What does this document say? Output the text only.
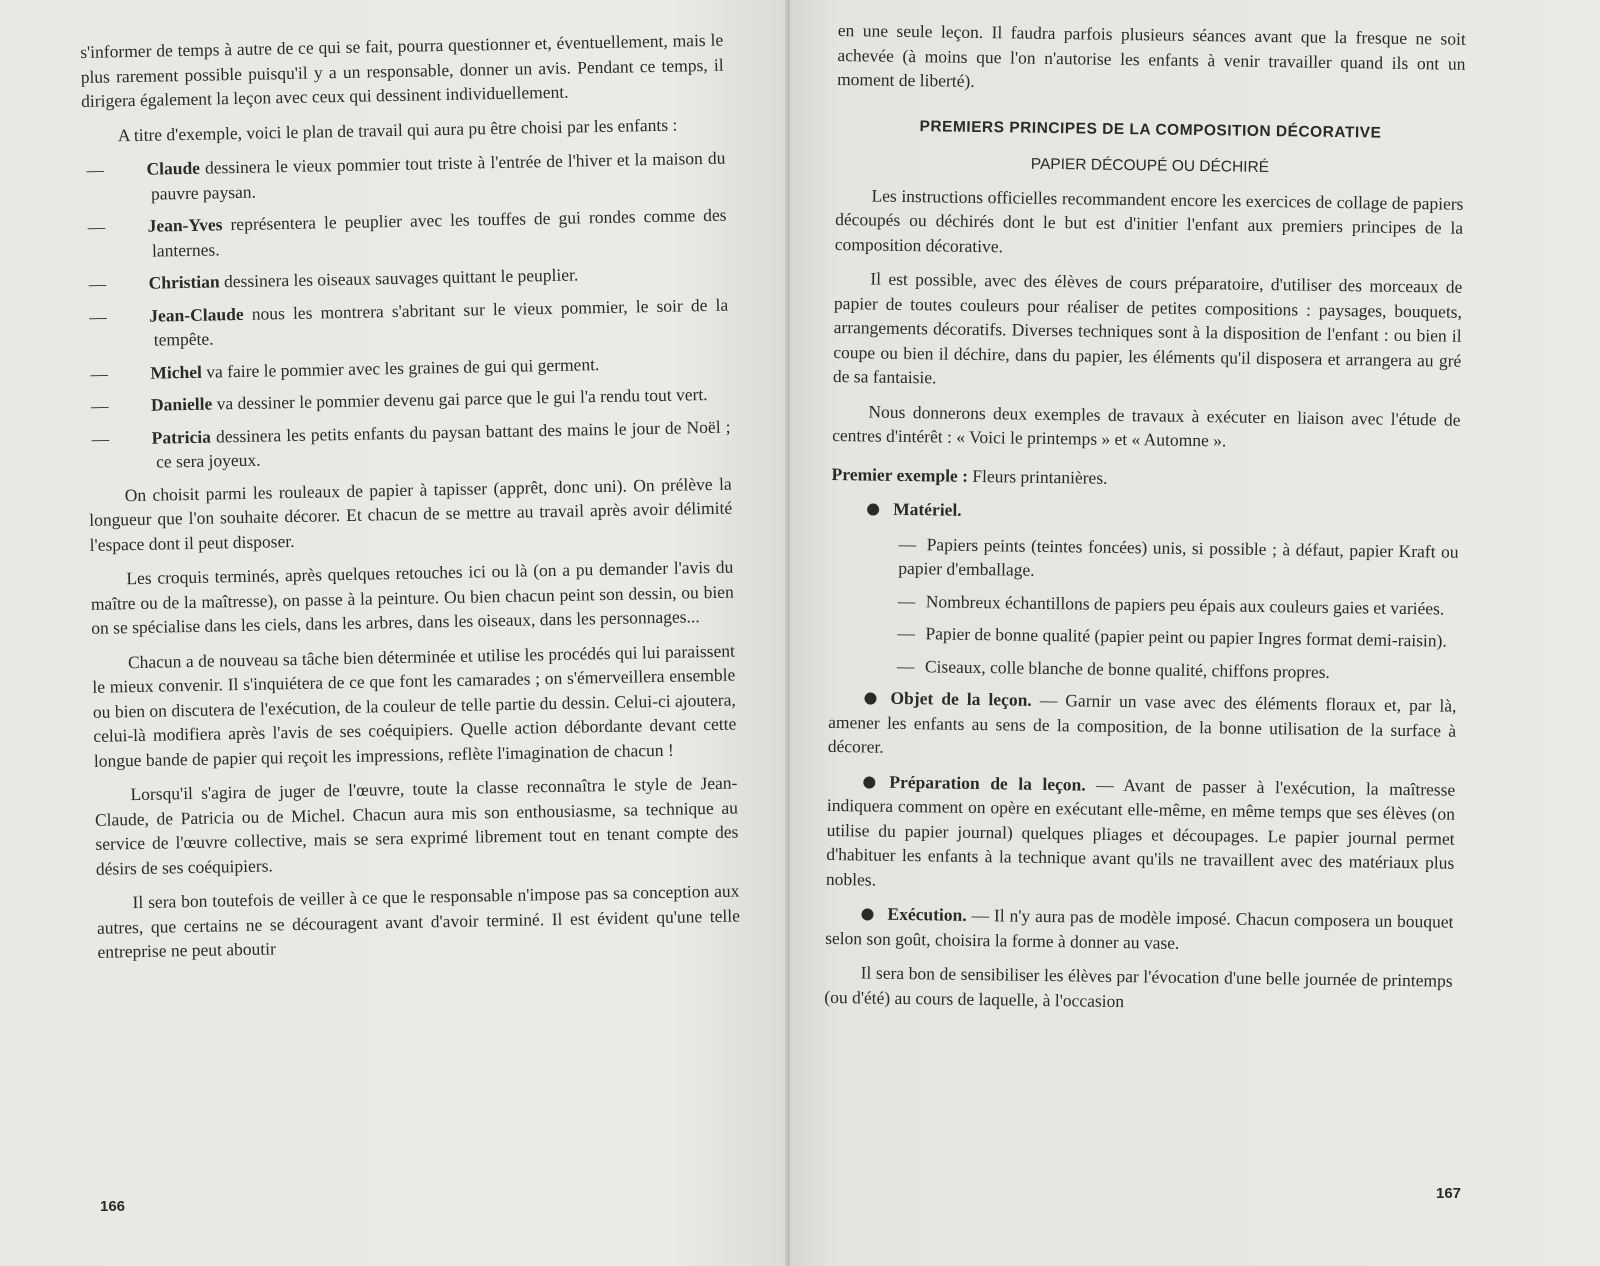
s'informer de temps à autre de ce qui se fait, pourra questionner et, éventuellement, mais le plus rarement possible puisqu'il y a un responsable, donner un avis. Pendant ce temps, il dirigera également la leçon avec ceux qui dessinent individuellement.

A titre d'exemple, voici le plan de travail qui aura pu être choisi par les enfants :

— Claude dessinera le vieux pommier tout triste à l'entrée de l'hiver et la maison du pauvre paysan.
— Jean-Yves représentera le peuplier avec les touffes de gui rondes comme des lanternes.
— Christian dessinera les oiseaux sauvages quittant le peuplier.
— Jean-Claude nous les montrera s'abritant sur le vieux pommier, le soir de la tempête.
— Michel va faire le pommier avec les graines de gui qui germent.
— Danielle va dessiner le pommier devenu gai parce que le gui l'a rendu tout vert.
— Patricia dessinera les petits enfants du paysan battant des mains le jour de Noël ; ce sera joyeux.

On choisit parmi les rouleaux de papier à tapisser (apprêt, donc uni). On prélève la longueur que l'on souhaite décorer. Et chacun de se mettre au travail après avoir délimité l'espace dont il peut disposer.

Les croquis terminés, après quelques retouches ici ou là (on a pu demander l'avis du maître ou de la maîtresse), on passe à la peinture. Ou bien chacun peint son dessin, ou bien on se spécialise dans les ciels, dans les arbres, dans les oiseaux, dans les personnages...

Chacun a de nouveau sa tâche bien déterminée et utilise les procédés qui lui paraissent le mieux convenir. Il s'inquiétera de ce que font les camarades ; on s'émerveillera ensemble ou bien on discutera de l'exécution, de la couleur de telle partie du dessin. Celui-ci ajoutera, celui-là modifiera après l'avis de ses coéquipiers. Quelle action débordante devant cette longue bande de papier qui reçoit les impressions, reflète l'imagination de chacun !

Lorsqu'il s'agira de juger de l'œuvre, toute la classe reconnaîtra le style de Jean-Claude, de Patricia ou de Michel. Chacun aura mis son enthousiasme, sa technique au service de l'œuvre collective, mais se sera exprimé librement tout en tenant compte des désirs de ses coéquipiers.

Il sera bon toutefois de veiller à ce que le responsable n'impose pas sa conception aux autres, que certains ne se découragent avant d'avoir terminé. Il est évident qu'une telle entreprise ne peut aboutir

166

en une seule leçon. Il faudra parfois plusieurs séances avant que la fresque ne soit achevée (à moins que l'on n'autorise les enfants à venir travailler quand ils ont un moment de liberté).

PREMIERS PRINCIPES DE LA COMPOSITION DÉCORATIVE
PAPIER DÉCOUPÉ OU DÉCHIRÉ

Les instructions officielles recommandent encore les exercices de collage de papiers découpés ou déchirés dont le but est d'initier l'enfant aux premiers principes de la composition décorative.

Il est possible, avec des élèves de cours préparatoire, d'utiliser des morceaux de papier de toutes couleurs pour réaliser de petites compositions : paysages, bouquets, arrangements décoratifs. Diverses techniques sont à la disposition de l'enfant : ou bien il coupe ou bien il déchire, dans du papier, les éléments qu'il disposera et arrangera au gré de sa fantaisie.

Nous donnerons deux exemples de travaux à exécuter en liaison avec l'étude de centres d'intérêt : « Voici le printemps » et « Automne ».

Premier exemple : Fleurs printanières.
Matériel.
— Papiers peints (teintes foncées) unis, si possible ; à défaut, papier Kraft ou papier d'emballage.
— Nombreux échantillons de papiers peu épais aux couleurs gaies et variées.
— Papier de bonne qualité (papier peint ou papier Ingres format demi-raisin).
— Ciseaux, colle blanche de bonne qualité, chiffons propres.

Objet de la leçon. — Garnir un vase avec des éléments floraux et, par là, amener les enfants au sens de la composition, de la bonne utilisation de la surface à décorer.

Préparation de la leçon. — Avant de passer à l'exécution, la maîtresse indiquera comment on opère en exécutant elle-même, en même temps que ses élèves (on utilise du papier journal) quelques pliages et découpages. Le papier journal permet d'habituer les enfants à la technique avant qu'ils ne travaillent avec des matériaux plus nobles.

Exécution. — Il n'y aura pas de modèle imposé. Chacun composera un bouquet selon son goût, choisira la forme à donner au vase.

Il sera bon de sensibiliser les élèves par l'évocation d'une belle journée de printemps (ou d'été) au cours de laquelle, à l'occasion

167
